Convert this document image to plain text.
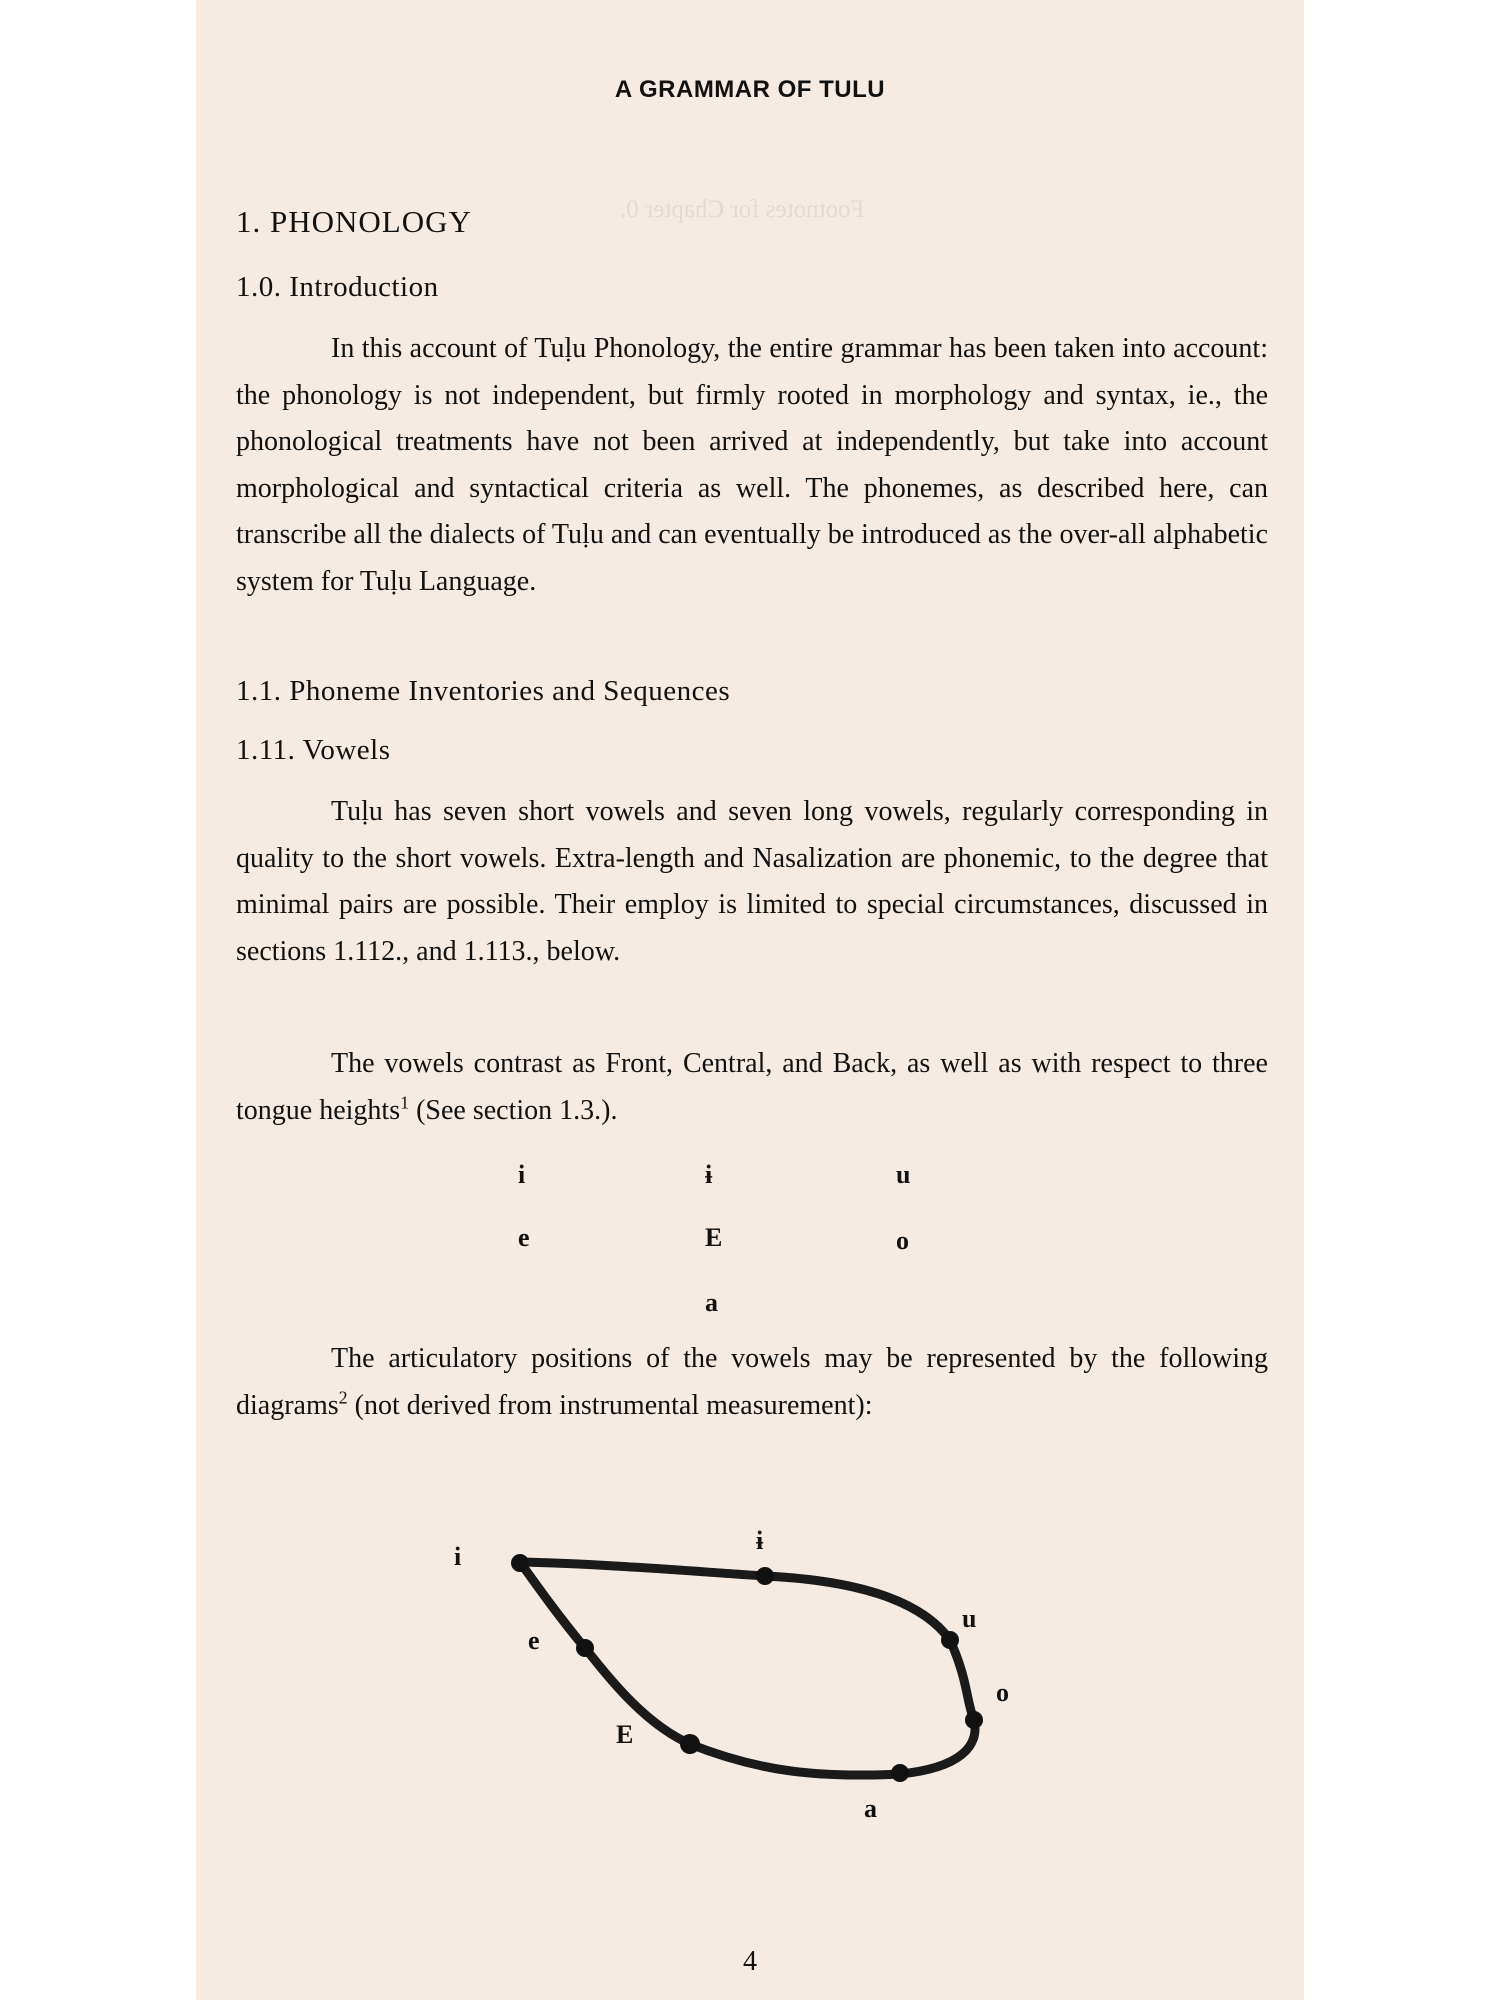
Footnotes for Chapter 0.
A GRAMMAR OF TULU
1. PHONOLOGY
1.0. Introduction
In this account of Tuḷu Phonology, the entire grammar has been taken into account: the phonology is not independent, but firmly rooted in morphology and syntax, ie., the phonological treatments have not been arrived at independently, but take into account morphological and syntactical criteria as well. The phonemes, as described here, can transcribe all the dialects of Tuḷu and can eventually be introduced as the over-all alphabetic system for Tuḷu Language.
1.1. Phoneme Inventories and Sequences
1.11. Vowels
Tuḷu has seven short vowels and seven long vowels, regularly corresponding in quality to the short vowels. Extra-length and Nasalization are phonemic, to the degree that minimal pairs are possible. Their employ is limited to special circumstances, discussed in sections 1.112., and 1.113., below.
The vowels contrast as Front, Central, and Back, as well as with respect to three tongue heights$^1$ (See section 1.3.).
i	ɨ	u
e	E	o
a
The articulatory positions of the vowels may be represented by the following diagrams$^2$ (not derived from instrumental measurement):
i
ɨ
u
e
o
E
a
4
